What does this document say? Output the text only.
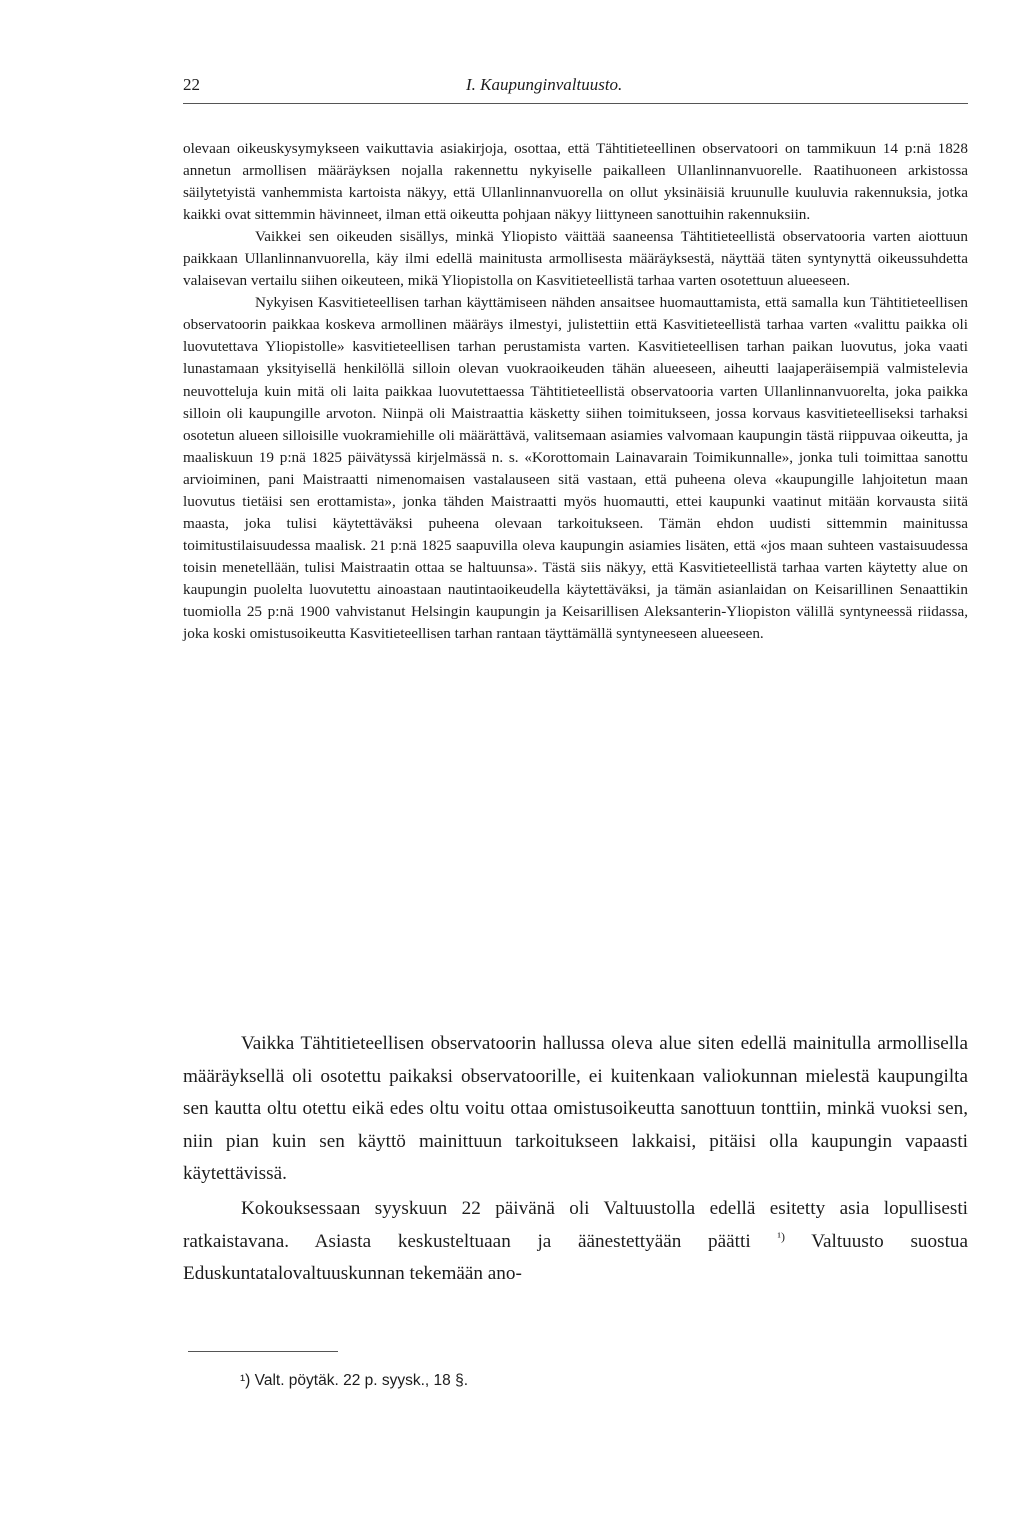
22	I. Kaupunginvaltuusto.

olevaan oikeuskysymykseen vaikuttavia asiakirjoja, osottaa, että Tähtitieteellinen observatoori on tammikuun 14 p:nä 1828 annetun armollisen määräyksen nojalla rakennettu nykyiselle paikalleen Ullanlinnanvuorelle. Raatihuoneen arkistossa säilytetyistä vanhemmista kartoista näkyy, että Ullanlinnanvuorella on ollut yksinäisiä kruunulle kuuluvia rakennuksia, jotka kaikki ovat sittemmin hävinneet, ilman että oikeutta pohjaan näkyy liittyneen sanottuihin rakennuksiin.

Vaikkei sen oikeuden sisällys, minkä Yliopisto väittää saaneensa Tähtitieteellistä observatooria varten aiottuun paikkaan Ullanlinnanvuorella, käy ilmi edellä mainitusta armollisesta määräyksestä, näyttää täten syntynyttä oikeussuhdetta valaisevan vertailu siihen oikeuteen, mikä Yliopistolla on Kasvitieteellistä tarhaa varten osotettuun alueeseen.

Nykyisen Kasvitieteellisen tarhan käyttämiseen nähden ansaitsee huomauttamista, että samalla kun Tähtitieteellisen observatoorin paikkaa koskeva armollinen määräys ilmestyi, julistettiin että Kasvitieteellistä tarhaa varten «valittu paikka oli luovutettava Yliopistolle» kasvitieteellisen tarhan perustamista varten. Kasvitieteellisen tarhan paikan luovutus, joka vaati lunastamaan yksityisellä henkilöllä silloin olevan vuokraoikeuden tähän alueeseen, aiheutti laajaperäisempiä valmistelevia neuvotteluja kuin mitä oli laita paikkaa luovutettaessa Tähtitieteellistä observatooria varten Ullanlinnanvuorelta, joka paikka silloin oli kaupungille arvoton. Niinpä oli Maistraattia käsketty siihen toimitukseen, jossa korvaus kasvitieteelliseksi tarhaksi osotetun alueen silloisille vuokramiehille oli määrättävä, valitsemaan asiamies valvomaan kaupungin tästä riippuvaa oikeutta, ja maaliskuun 19 p:nä 1825 päivätyssä kirjelmässä n. s. «Korottomain Lainavarain Toimikunnalle», jonka tuli toimittaa sanottu arvioiminen, pani Maistraatti nimenomaisen vastalauseen sitä vastaan, että puheena oleva «kaupungille lahjoitetun maan luovutus tietäisi sen erottamista», jonka tähden Maistraatti myös huomautti, ettei kaupunki vaatinut mitään korvausta siitä maasta, joka tulisi käytettäväksi puheena olevaan tarkoitukseen. Tämän ehdon uudisti sittemmin mainitussa toimitustilaisuudessa maalisk. 21 p:nä 1825 saapuvilla oleva kaupungin asiamies lisäten, että «jos maan suhteen vastaisuudessa toisin menetellään, tulisi Maistraatin ottaa se haltuunsa». Tästä siis näkyy, että Kasvitieteellistä tarhaa varten käytetty alue on kaupungin puolelta luovutettu ainoastaan nautintaoikeudella käytettäväksi, ja tämän asianlaidan on Keisarillinen Senaattikin tuomiolla 25 p:nä 1900 vahvistanut Helsingin kaupungin ja Keisarillisen Aleksanterin-Yliopiston välillä syntyneessä riidassa, joka koski omistusoikeutta Kasvitieteellisen tarhan rantaan täyttämällä syntyneeseen alueeseen.

Vaikka Tähtitieteellisen observatoorin hallussa oleva alue siten edellä mainitulla armollisella määräyksellä oli osotettu paikaksi observatoorille, ei kuitenkaan valiokunnan mielestä kaupungilta sen kautta oltu otettu eikä edes oltu voitu ottaa omistusoikeutta sanottuun tonttiin, minkä vuoksi sen, niin pian kuin sen käyttö mainittuun tarkoitukseen lakkaisi, pitäisi olla kaupungin vapaasti käytettävissä.

Kokouksessaan syyskuun 22 päivänä oli Valtuustolla edellä esitetty asia lopullisesti ratkaistavana. Asiasta keskusteltuaan ja äänestettyään päätti $^{^1)}$ Valtuusto suostua Eduskuntatalovaltuuskunnan tekemään ano-

¹) Valt. pöytäk. 22 p. syysk., 18 §.
